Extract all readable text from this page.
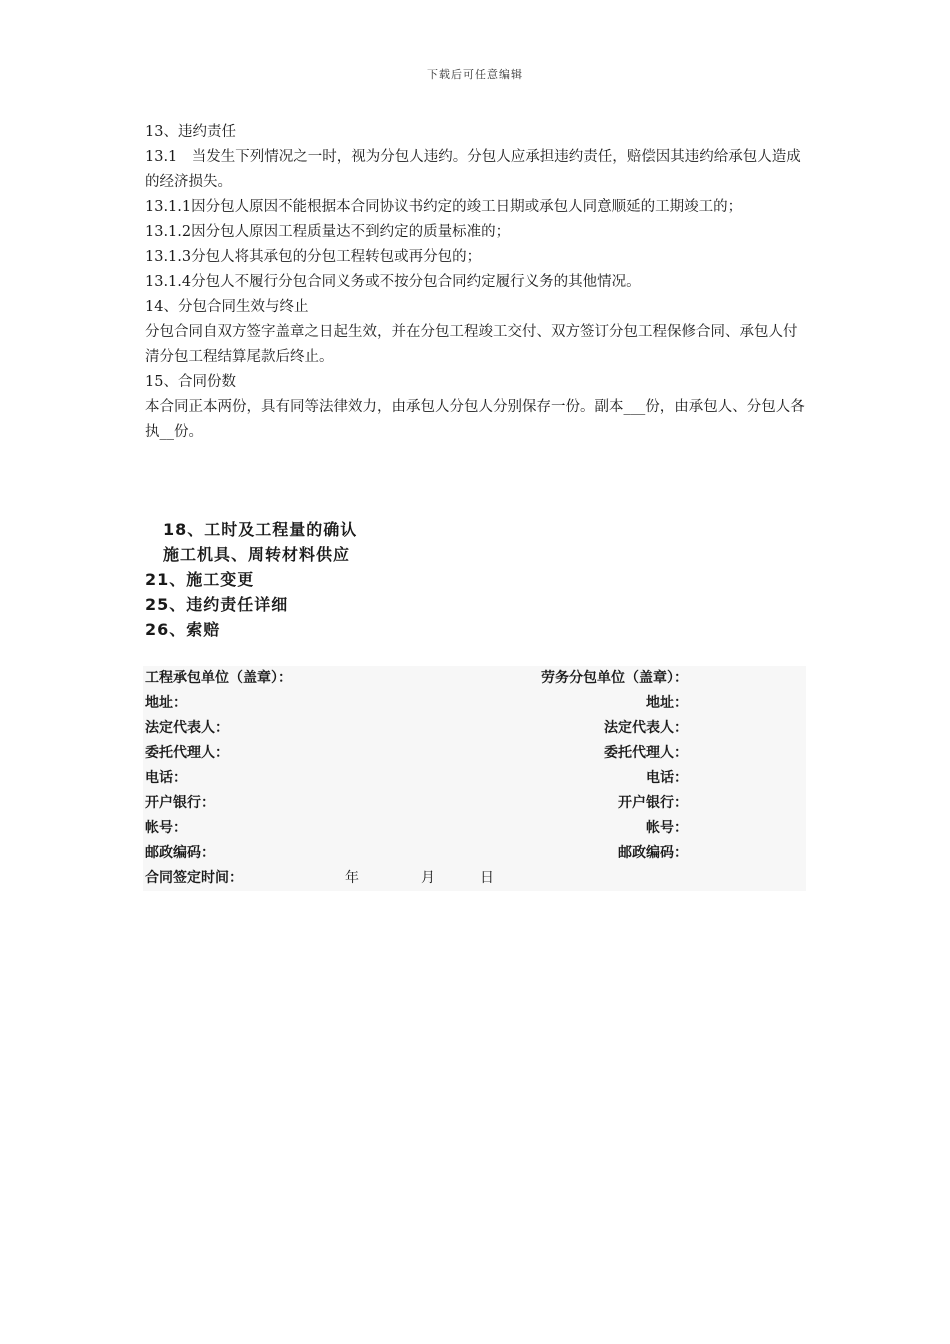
下载后可任意编辑

13、违约责任

13.1　当发生下列情况之一时，视为分包人违约。分包人应承担违约责任，赔偿因其违约给承包人造成的经济损失。

13.1.1因分包人原因不能根据本合同协议书约定的竣工日期或承包人同意顺延的工期竣工的；

13.1.2因分包人原因工程质量达不到约定的质量标准的；

13.1.3分包人将其承包的分包工程转包或再分包的；

13.1.4分包人不履行分包合同义务或不按分包合同约定履行义务的其他情况。

14、分包合同生效与终止

分包合同自双方签字盖章之日起生效，并在分包工程竣工交付、双方签订分包工程保修合同、承包人付清分包工程结算尾款后终止。

15、合同份数

本合同正本两份，具有同等法律效力，由承包人分包人分别保存一份。副本___份，由承包人、分包人各执__份。

18、工时及工程量的确认

施工机具、周转材料供应

21、施工变更

25、违约责任详细

26、索赔

工程承包单位（盖章）：	劳务分包单位（盖章）：
地址：	地址：
法定代表人：	法定代表人：
委托代理人：	委托代理人：
电话：	电话：
开户银行：	开户银行：
帐号：	帐号：
邮政编码：	邮政编码：
合同签定时间：	年	月	日
